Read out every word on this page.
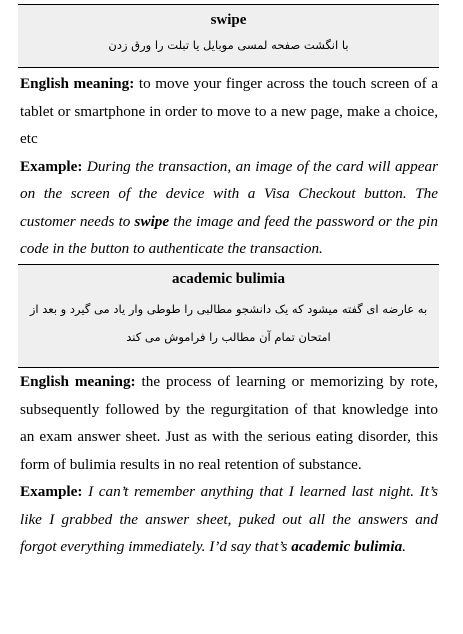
swipe
با انگشت صفحه لمسی موبایل یا تبلت را ورق زدن
English meaning: to move your finger across the touch screen of a tablet or smartphone in order to move to a new page, make a choice, etc
Example: During the transaction, an image of the card will appear on the screen of the device with a Visa Checkout button. The customer needs to swipe the image and feed the password or the pin code in the button to authenticate the transaction.
academic bulimia
به عارضه ای گفته میشود که یک دانشجو مطالبی را طوطی وار یاد می گیرد و بعد از
امتحان تمام آن مطالب را فراموش می کند
English meaning: the process of learning or memorizing by rote, subsequently followed by the regurgitation of that knowledge into an exam answer sheet. Just as with the serious eating disorder, this form of bulimia results in no real retention of substance.
Example: I can’t remember anything that I learned last night. It’s like I grabbed the answer sheet, puked out all the answers and forgot everything immediately. I’d say that’s academic bulimia.
